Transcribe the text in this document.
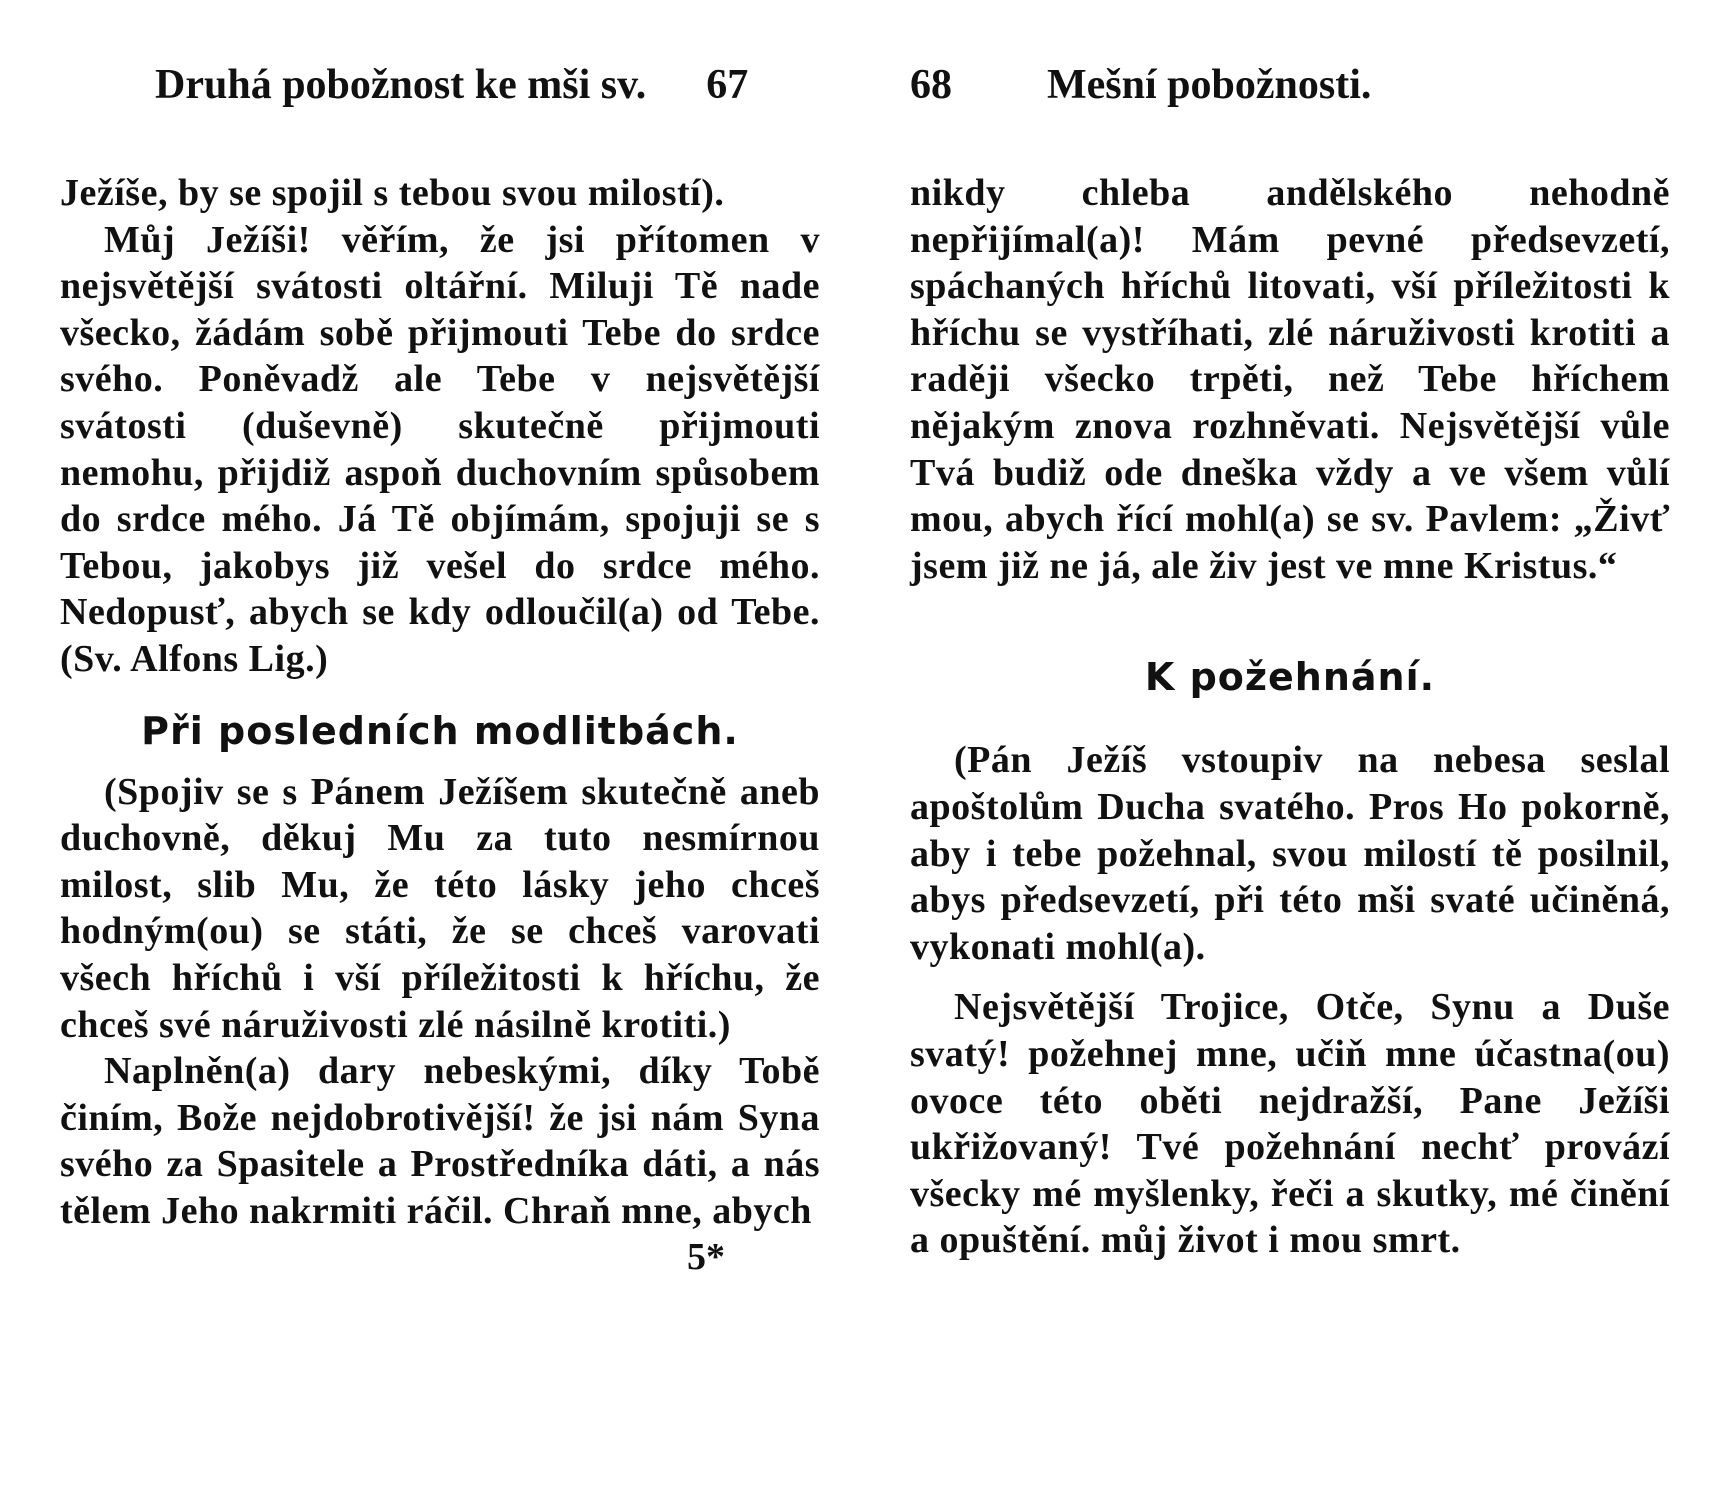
Druhá pobožnost ke mši sv. 67

Ježíše, by se spojil s tebou svou milostí).

Můj Ježíši! věřím, že jsi přítomen v nejsvětější svátosti oltářní. Miluji Tě nade všecko, žádám sobě přijmouti Tebe do srdce svého. Poněvadž ale Tebe v nejsvětější svátosti (duševně) skutečně přijmouti nemohu, přijdiž aspoň duchovním spůsobem do srdce mého. Já Tě objímám, spojuji se s Tebou, jakobys již vešel do srdce mého. Nedopusť, abych se kdy odloučil(a) od Tebe. (Sv. Alfons Lig.)

Při posledních modlitbách.

(Spojiv se s Pánem Ježíšem skutečně aneb duchovně, děkuj Mu za tuto nesmírnou milost, slib Mu, že této lásky jeho chceš hodným(ou) se státi, že se chceš varovati všech hříchů i vší příležitosti k hříchu, že chceš své náruživosti zlé násilně krotiti.)

Naplněn(a) dary nebeskými, díky Tobě činím, Bože nejdobrotivější! že jsi nám Syna svého za Spasitele a Prostředníka dáti, a nás tělem Jeho nakrmiti ráčil. Chraň mne, abych

5*
68 Mešní pobožnosti.

nikdy chleba andělského nehodně nepřijímal(a)! Mám pevné předsevzetí, spáchaných hříchů litovati, vší příležitosti k hříchu se vystříhati, zlé náruživosti krotiti a raději všecko trpěti, než Tebe hříchem nějakým znova rozhněvati. Nejsvětější vůle Tvá budiž ode dneška vždy a ve všem vůlí mou, abych řící mohl(a) se sv. Pavlem: „Živť jsem již ne já, ale živ jest ve mne Kristus.“

K požehnání.

(Pán Ježíš vstoupiv na nebesa seslal apoštolům Ducha svatého. Pros Ho pokorně, aby i tebe požehnal, svou milostí tě posilnil, abys předsevzetí, při této mši svaté učiněná, vykonati mohl(a).

Nejsvětější Trojice, Otče, Synu a Duše svatý! požehnej mne, učiň mne účastna(ou) ovoce této oběti nejdražší, Pane Ježíši ukřižovaný! Tvé požehnání nechť provází všecky mé myšlenky, řeči a skutky, mé činění a opuštění. můj život i mou smrt.
